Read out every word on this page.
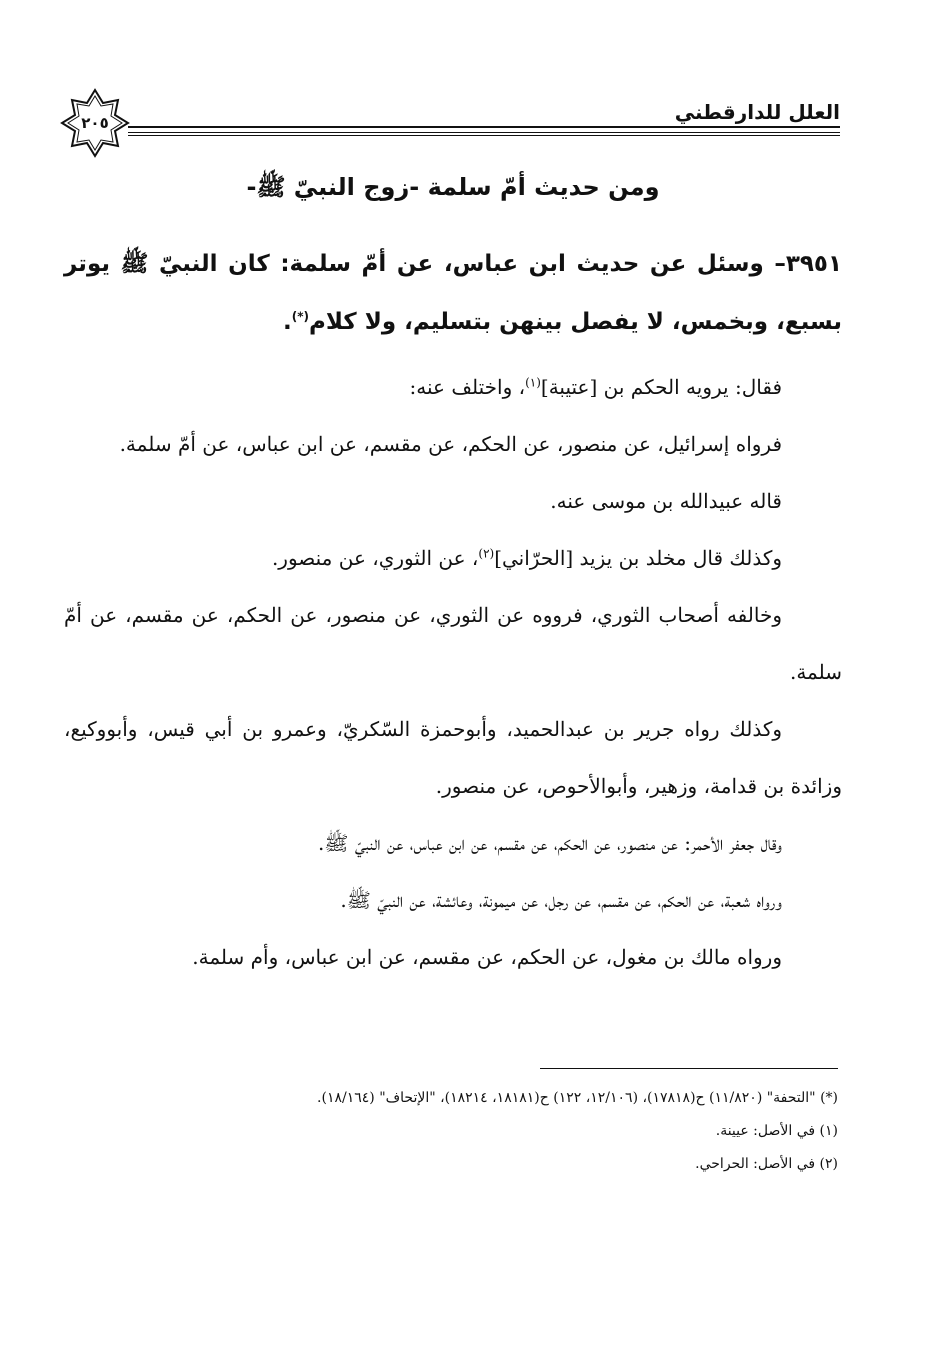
٢٠٥	العلل للدارقطني
ومن حديث أمّ سلمة -زوج النبيّ ﷺ-

٣٩٥١– وسئل عن حديث ابن عباس، عن أمّ سلمة: كان النبيّ ﷺ يوتر بسبع، وبخمس، لا يفصل بينهن بتسليم، ولا كلام(*).

فقال: يرويه الحكم بن [عتيبة]$^{(١)}$، واختلف عنه:

فرواه إسرائيل، عن منصور، عن الحكم، عن مقسم، عن ابن عباس، عن أمّ سلمة.

قاله عبيدالله بن موسى عنه.

وكذلك قال مخلد بن يزيد [الحرّاني]$^{(٢)}$، عن الثوري، عن منصور.

وخالفه أصحاب الثوري، فرووه عن الثوري، عن منصور، عن الحكم، عن مقسم، عن أمّ سلمة.

وكذلك رواه جرير بن عبدالحميد، وأبوحمزة السّكريّ، وعمرو بن أبي قيس، وأبووكيع، وزائدة بن قدامة، وزهير، وأبوالأحوص، عن منصور.

وقال جعفر الأحمر: عن منصور، عن الحكم، عن مقسم، عن ابن عباس، عن النبيّ ﷺ.

ورواه شعبة، عن الحكم، عن مقسم، عن رجل، عن ميمونة، وعائشة، عن النبيّ ﷺ.

ورواه مالك بن مغول، عن الحكم، عن مقسم، عن ابن عباس، وأم سلمة.

(*) "التحفة" (١١/٨٢٠) ح(١٧٨١٨)، (١٢/١٠٦، ١٢٢) ح(١٨١٨١، ١٨٢١٤)، "الإتحاف" (١٨/١٦٤).
(١) في الأصل: عيينة.
(٢) في الأصل: الحراحي.
